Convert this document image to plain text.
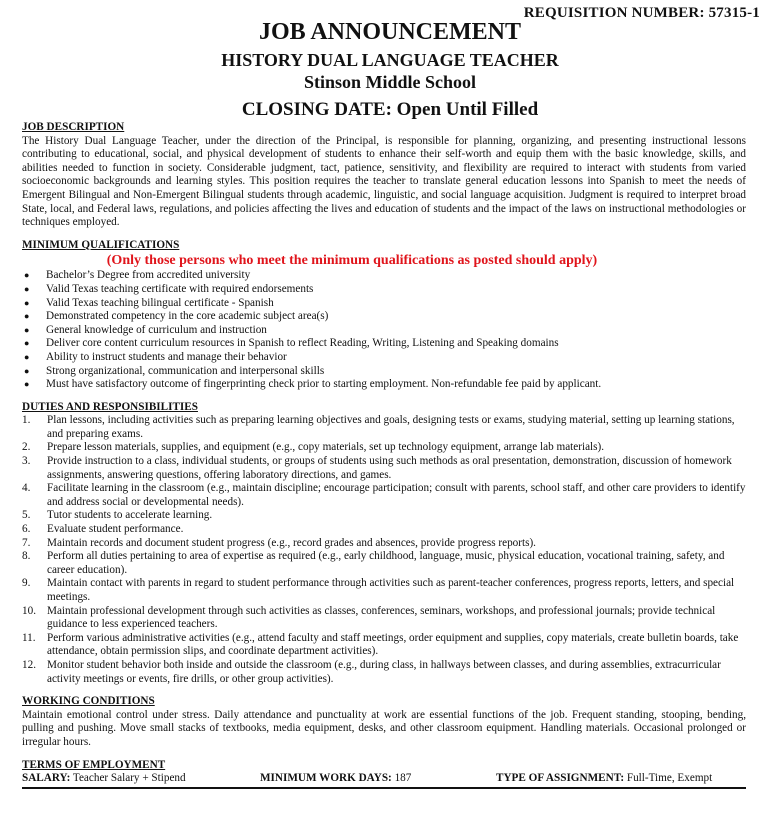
REQUISITION NUMBER: 57315-1
JOB ANNOUNCEMENT
HISTORY DUAL LANGUAGE TEACHER
Stinson Middle School
CLOSING DATE: Open Until Filled
JOB DESCRIPTION
The History Dual Language Teacher, under the direction of the Principal, is responsible for planning, organizing, and presenting instructional lessons contributing to educational, social, and physical development of students to enhance their self-worth and equip them with the basic knowledge, skills, and abilities needed to function in society. Considerable judgment, tact, patience, sensitivity, and flexibility are required to interact with students from varied socioeconomic backgrounds and learning styles. This position requires the teacher to translate general education lessons into Spanish to meet the needs of Emergent Bilingual and Non-Emergent Bilingual students through academic, linguistic, and social language acquisition. Judgment is required to interpret broad State, local, and Federal laws, regulations, and policies affecting the lives and education of students and the impact of the laws on instructional methodologies or techniques employed.
MINIMUM QUALIFICATIONS
(Only those persons who meet the minimum qualifications as posted should apply)
● Bachelor’s Degree from accredited university
● Valid Texas teaching certificate with required endorsements
● Valid Texas teaching bilingual certificate - Spanish
● Demonstrated competency in the core academic subject area(s)
● General knowledge of curriculum and instruction
● Deliver core content curriculum resources in Spanish to reflect Reading, Writing, Listening and Speaking domains
● Ability to instruct students and manage their behavior
● Strong organizational, communication and interpersonal skills
● Must have satisfactory outcome of fingerprinting check prior to starting employment. Non-refundable fee paid by applicant.
DUTIES AND RESPONSIBILITIES
1. Plan lessons, including activities such as preparing learning objectives and goals, designing tests or exams, studying material, setting up learning stations, and preparing exams.
2. Prepare lesson materials, supplies, and equipment (e.g., copy materials, set up technology equipment, arrange lab materials).
3. Provide instruction to a class, individual students, or groups of students using such methods as oral presentation, demonstration, discussion of homework assignments, answering questions, offering laboratory directions, and games.
4. Facilitate learning in the classroom (e.g., maintain discipline; encourage participation; consult with parents, school staff, and other care providers to identify and address social or developmental needs).
5. Tutor students to accelerate learning.
6. Evaluate student performance.
7. Maintain records and document student progress (e.g., record grades and absences, provide progress reports).
8. Perform all duties pertaining to area of expertise as required (e.g., early childhood, language, music, physical education, vocational training, safety, and career education).
9. Maintain contact with parents in regard to student performance through activities such as parent-teacher conferences, progress reports, letters, and special meetings.
10. Maintain professional development through such activities as classes, conferences, seminars, workshops, and professional journals; provide technical guidance to less experienced teachers.
11. Perform various administrative activities (e.g., attend faculty and staff meetings, order equipment and supplies, copy materials, create bulletin boards, take attendance, obtain permission slips, and coordinate department activities).
12. Monitor student behavior both inside and outside the classroom (e.g., during class, in hallways between classes, and during assemblies, extracurricular activity meetings or events, fire drills, or other group activities).
WORKING CONDITIONS
Maintain emotional control under stress. Daily attendance and punctuality at work are essential functions of the job. Frequent standing, stooping, bending, pulling and pushing. Move small stacks of textbooks, media equipment, desks, and other classroom equipment. Handling materials. Occasional prolonged or irregular hours.
TERMS OF EMPLOYMENT
SALARY: Teacher Salary + Stipend	MINIMUM WORK DAYS: 187	TYPE OF ASSIGNMENT: Full-Time, Exempt
